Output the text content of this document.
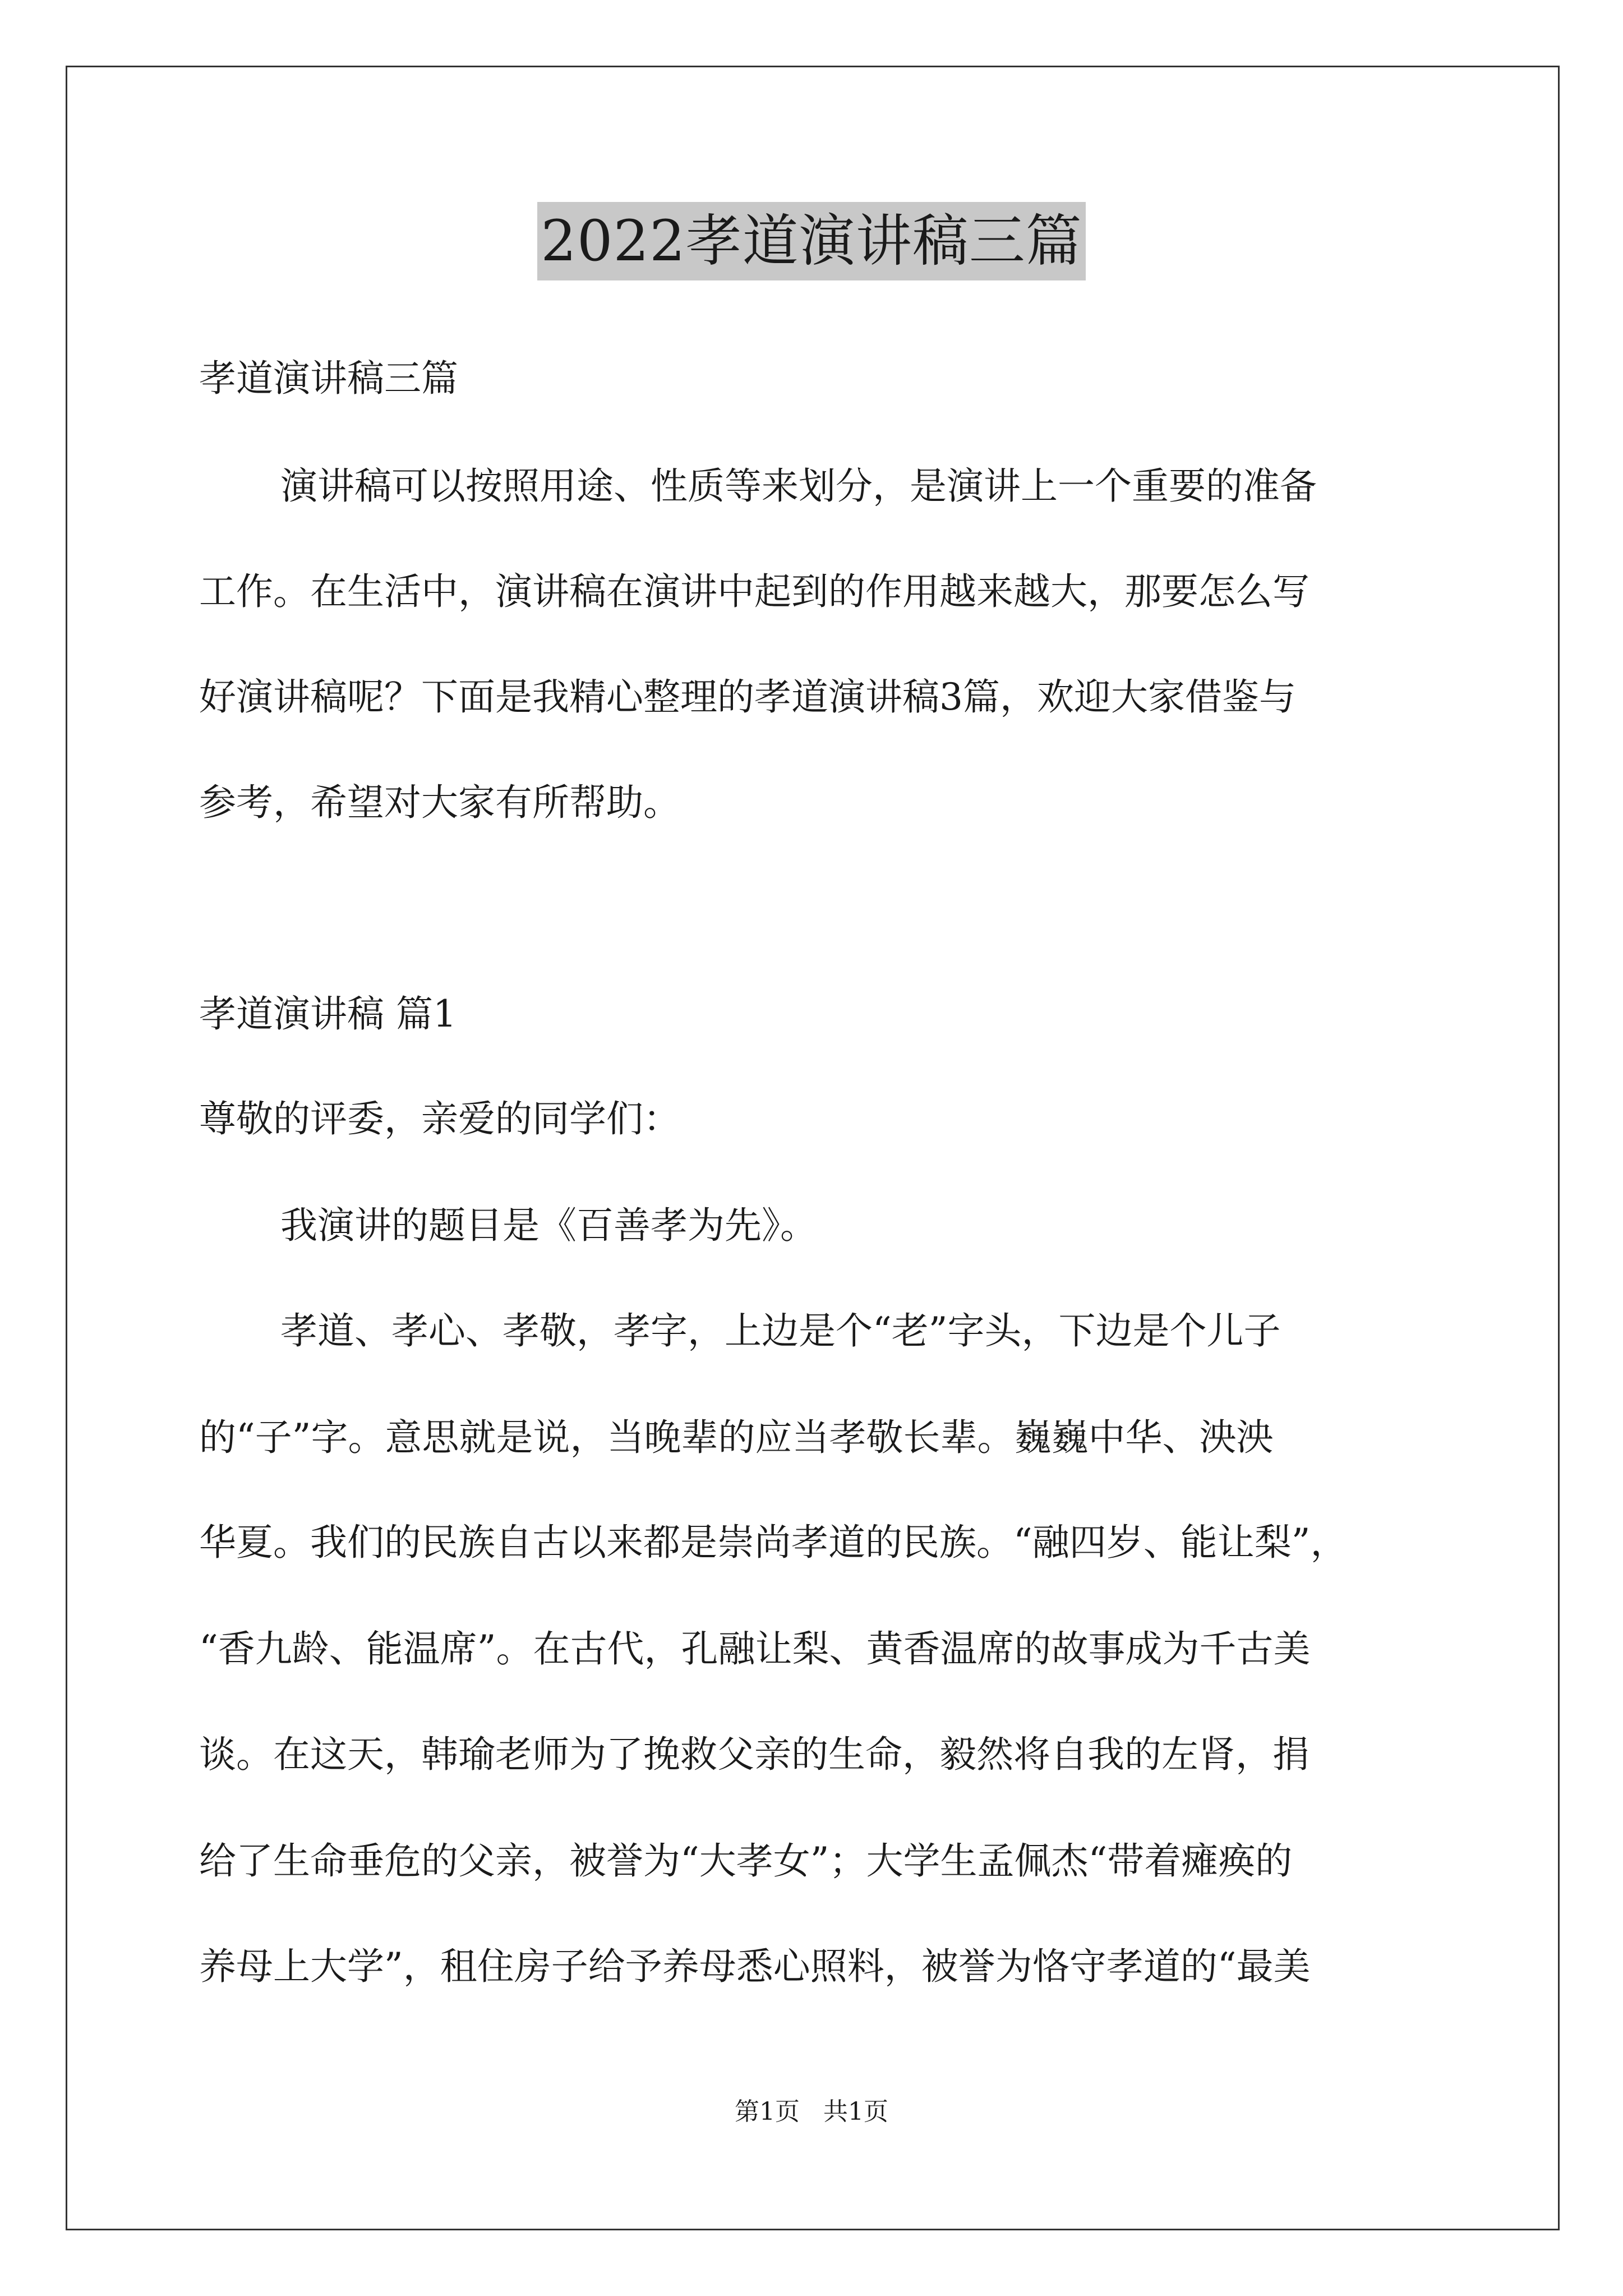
2022孝道演讲稿三篇
孝道演讲稿三篇
演讲稿可以按照用途、性质等来划分，是演讲上一个重要的准备
工作。在生活中，演讲稿在演讲中起到的作用越来越大，那要怎么写
好演讲稿呢？下面是我精心整理的孝道演讲稿3篇，欢迎大家借鉴与
参考，希望对大家有所帮助。
孝道演讲稿 篇1
尊敬的评委，亲爱的同学们：
我演讲的题目是《百善孝为先》。
孝道、孝心、孝敬，孝字，上边是个“老”字头，下边是个儿子
的“子”字。意思就是说，当晚辈的应当孝敬长辈。巍巍中华、泱泱
华夏。我们的民族自古以来都是崇尚孝道的民族。“融四岁、能让梨”，
“香九龄、能温席”。在古代，孔融让梨、黄香温席的故事成为千古美
谈。在这天，韩瑜老师为了挽救父亲的生命，毅然将自我的左肾，捐
给了生命垂危的父亲，被誉为“大孝女”；大学生孟佩杰“带着瘫痪的
养母上大学”，租住房子给予养母悉心照料，被誉为恪守孝道的“最美
第1页   共1页
